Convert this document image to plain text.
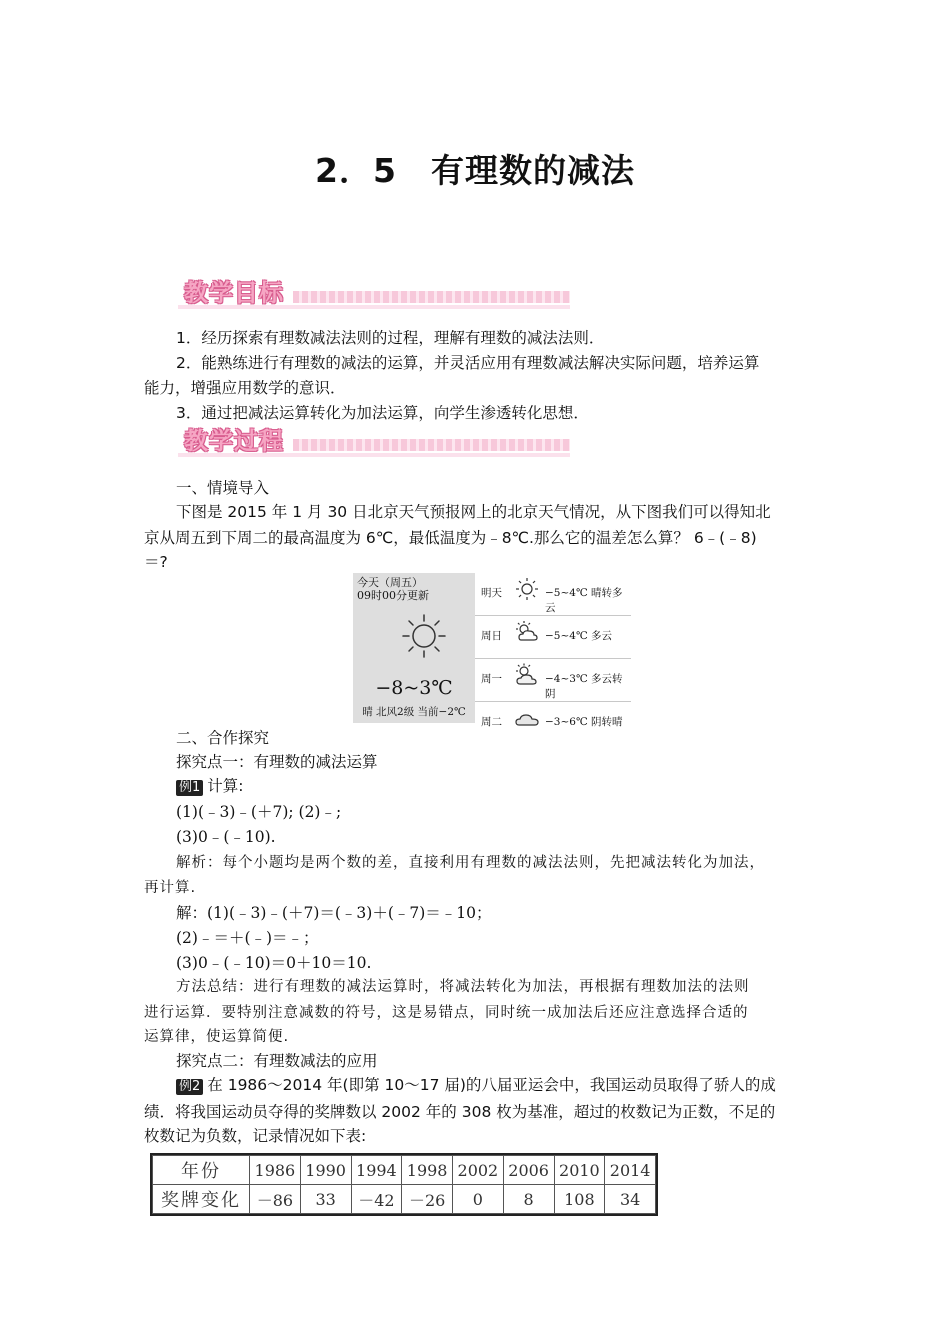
2．5　有理数的减法
教学目标
1．经历探索有理数减法法则的过程，理解有理数的减法法则．
2．能熟练进行有理数的减法的运算，并灵活应用有理数减法解决实际问题，培养运算
能力，增强应用数学的意识．
3．通过把减法运算转化为加法运算，向学生渗透转化思想．
教学过程
一、情境导入
下图是 2015 年 1 月 30 日北京天气预报网上的北京天气情况，从下图我们可以得知北
京从周五到下周二的最高温度为 6℃，最低温度为﹣8℃.那么它的温差怎么算？ 6﹣(﹣8)
＝?
今天（周五）
09时00分更新
−8~3℃
晴 北风2级 当前−2℃
明天	−5~4℃ 晴转多云
周日	−5~4℃ 多云
周一	−4~3℃ 多云转阴
周二	−3~6℃ 阴转晴
二、合作探究
探究点一：有理数的减法运算
例1 计算:
(1)(﹣3)﹣(＋7); (2)﹣;
(3)0﹣(﹣10).
解析：每个小题均是两个数的差，直接利用有理数的减法法则，先把减法转化为加法，
再计算.
解：(1)(﹣3)﹣(＋7)＝(﹣3)＋(﹣7)＝﹣10；
(2)﹣＝＋(﹣)＝﹣；
(3)0﹣(﹣10)＝0＋10＝10.
方法总结：进行有理数的减法运算时，将减法转化为加法，再根据有理数加法的法则
进行运算．要特别注意减数的符号，这是易错点，同时统一成加法后还应注意选择合适的
运算律，使运算简便.
探究点二：有理数减法的应用
例2 在 1986～2014 年(即第 10～17 届)的八届亚运会中，我国运动员取得了骄人的成
绩．将我国运动员夺得的奖牌数以 2002 年的 308 枚为基准，超过的枚数记为正数，不足的
枚数记为负数，记录情况如下表:
年份	1986	1990	1994	1998	2002	2006	2010	2014
奖牌变化	－86	33	－42	－26	0	8	108	34
